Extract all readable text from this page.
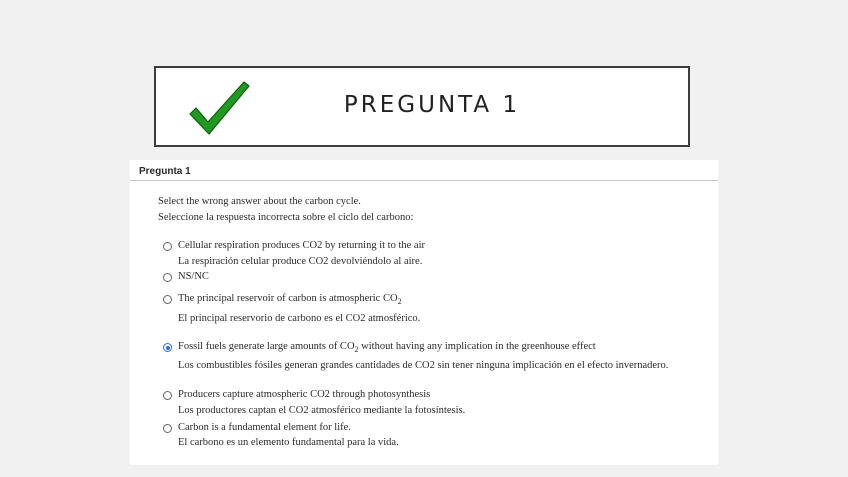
PREGUNTA 1
Pregunta 1
Select the wrong answer about the carbon cycle.
Seleccione la respuesta incorrecta sobre el ciclo del carbono:
Cellular respiration produces CO2 by returning it to the air
La respiración celular produce CO2 devolviéndolo al aire.
NS/NC
The principal reservoir of carbon is atmospheric $CO_2$
El principal reservorio de carbono es el CO2 atmosférico.
Fossil fuels generate large amounts of $CO_2$ without having any implication in the greenhouse effect
Los combustibles fósiles generan grandes cantidades de CO2 sin tener ninguna implicación en el efecto invernadero.
Producers capture atmospheric CO2 through photosynthesis
Los productores captan el CO2 atmosférico mediante la fotosíntesis.
Carbon is a fundamental element for life.
El carbono es un elemento fundamental para la vida.
